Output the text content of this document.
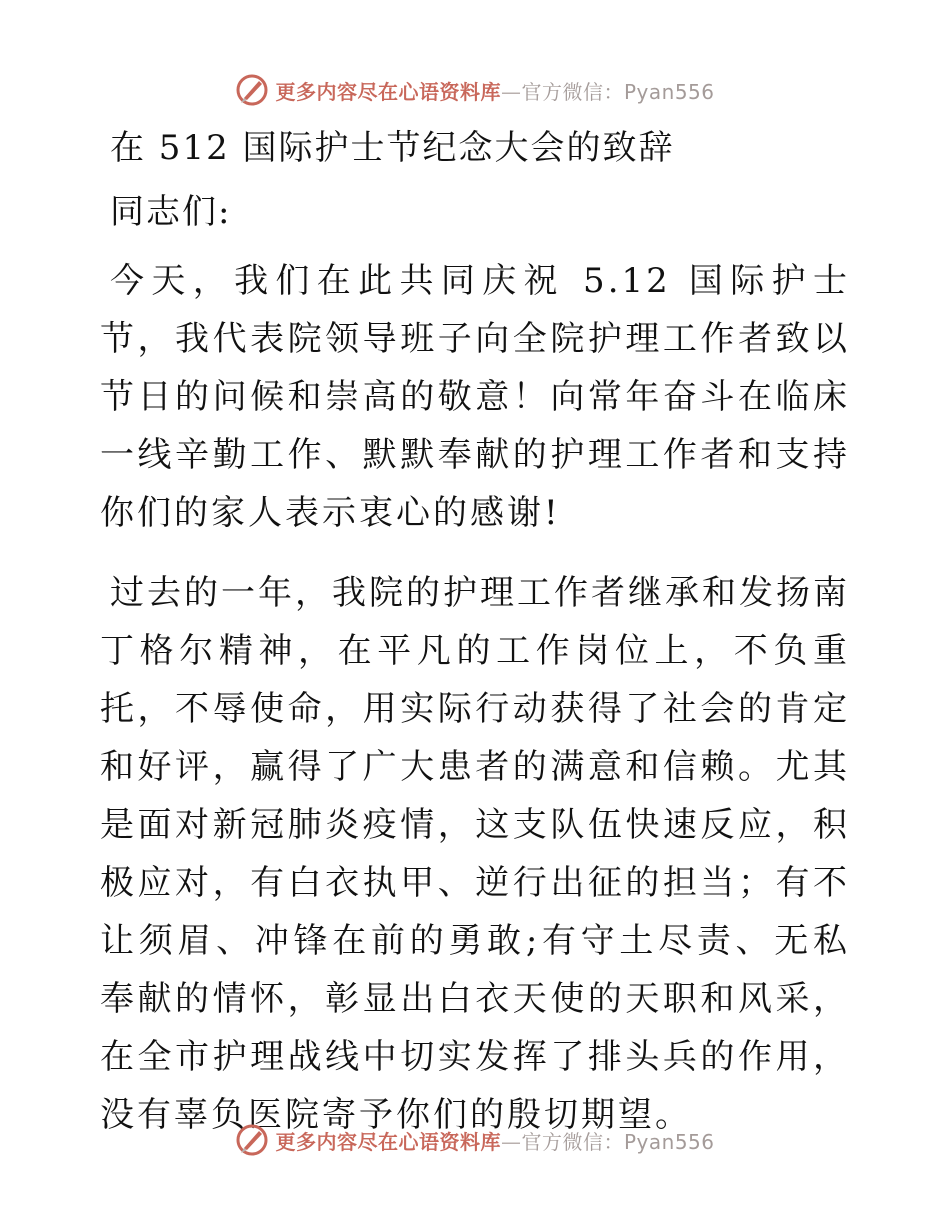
更多内容尽在心语资料库—官方微信：Pyan556
在 512 国际护士节纪念大会的致辞

同志们:

今天，我们在此共同庆祝 5.12 国际护士节，我代表院领导班子向全院护理工作者致以节日的问候和崇高的敬意！向常年奋斗在临床一线辛勤工作、默默奉献的护理工作者和支持你们的家人表示衷心的感谢!

过去的一年，我院的护理工作者继承和发扬南丁格尔精神，在平凡的工作岗位上，不负重托，不辱使命，用实际行动获得了社会的肯定和好评，赢得了广大患者的满意和信赖。尤其是面对新冠肺炎疫情，这支队伍快速反应，积极应对，有白衣执甲、逆行出征的担当；有不让须眉、冲锋在前的勇敢;有守土尽责、无私奉献的情怀，彰显出白衣天使的天职和风采，在全市护理战线中切实发挥了排头兵的作用，没有辜负医院寄予你们的殷切期望。

更多内容尽在心语资料库—官方微信：Pyan556
